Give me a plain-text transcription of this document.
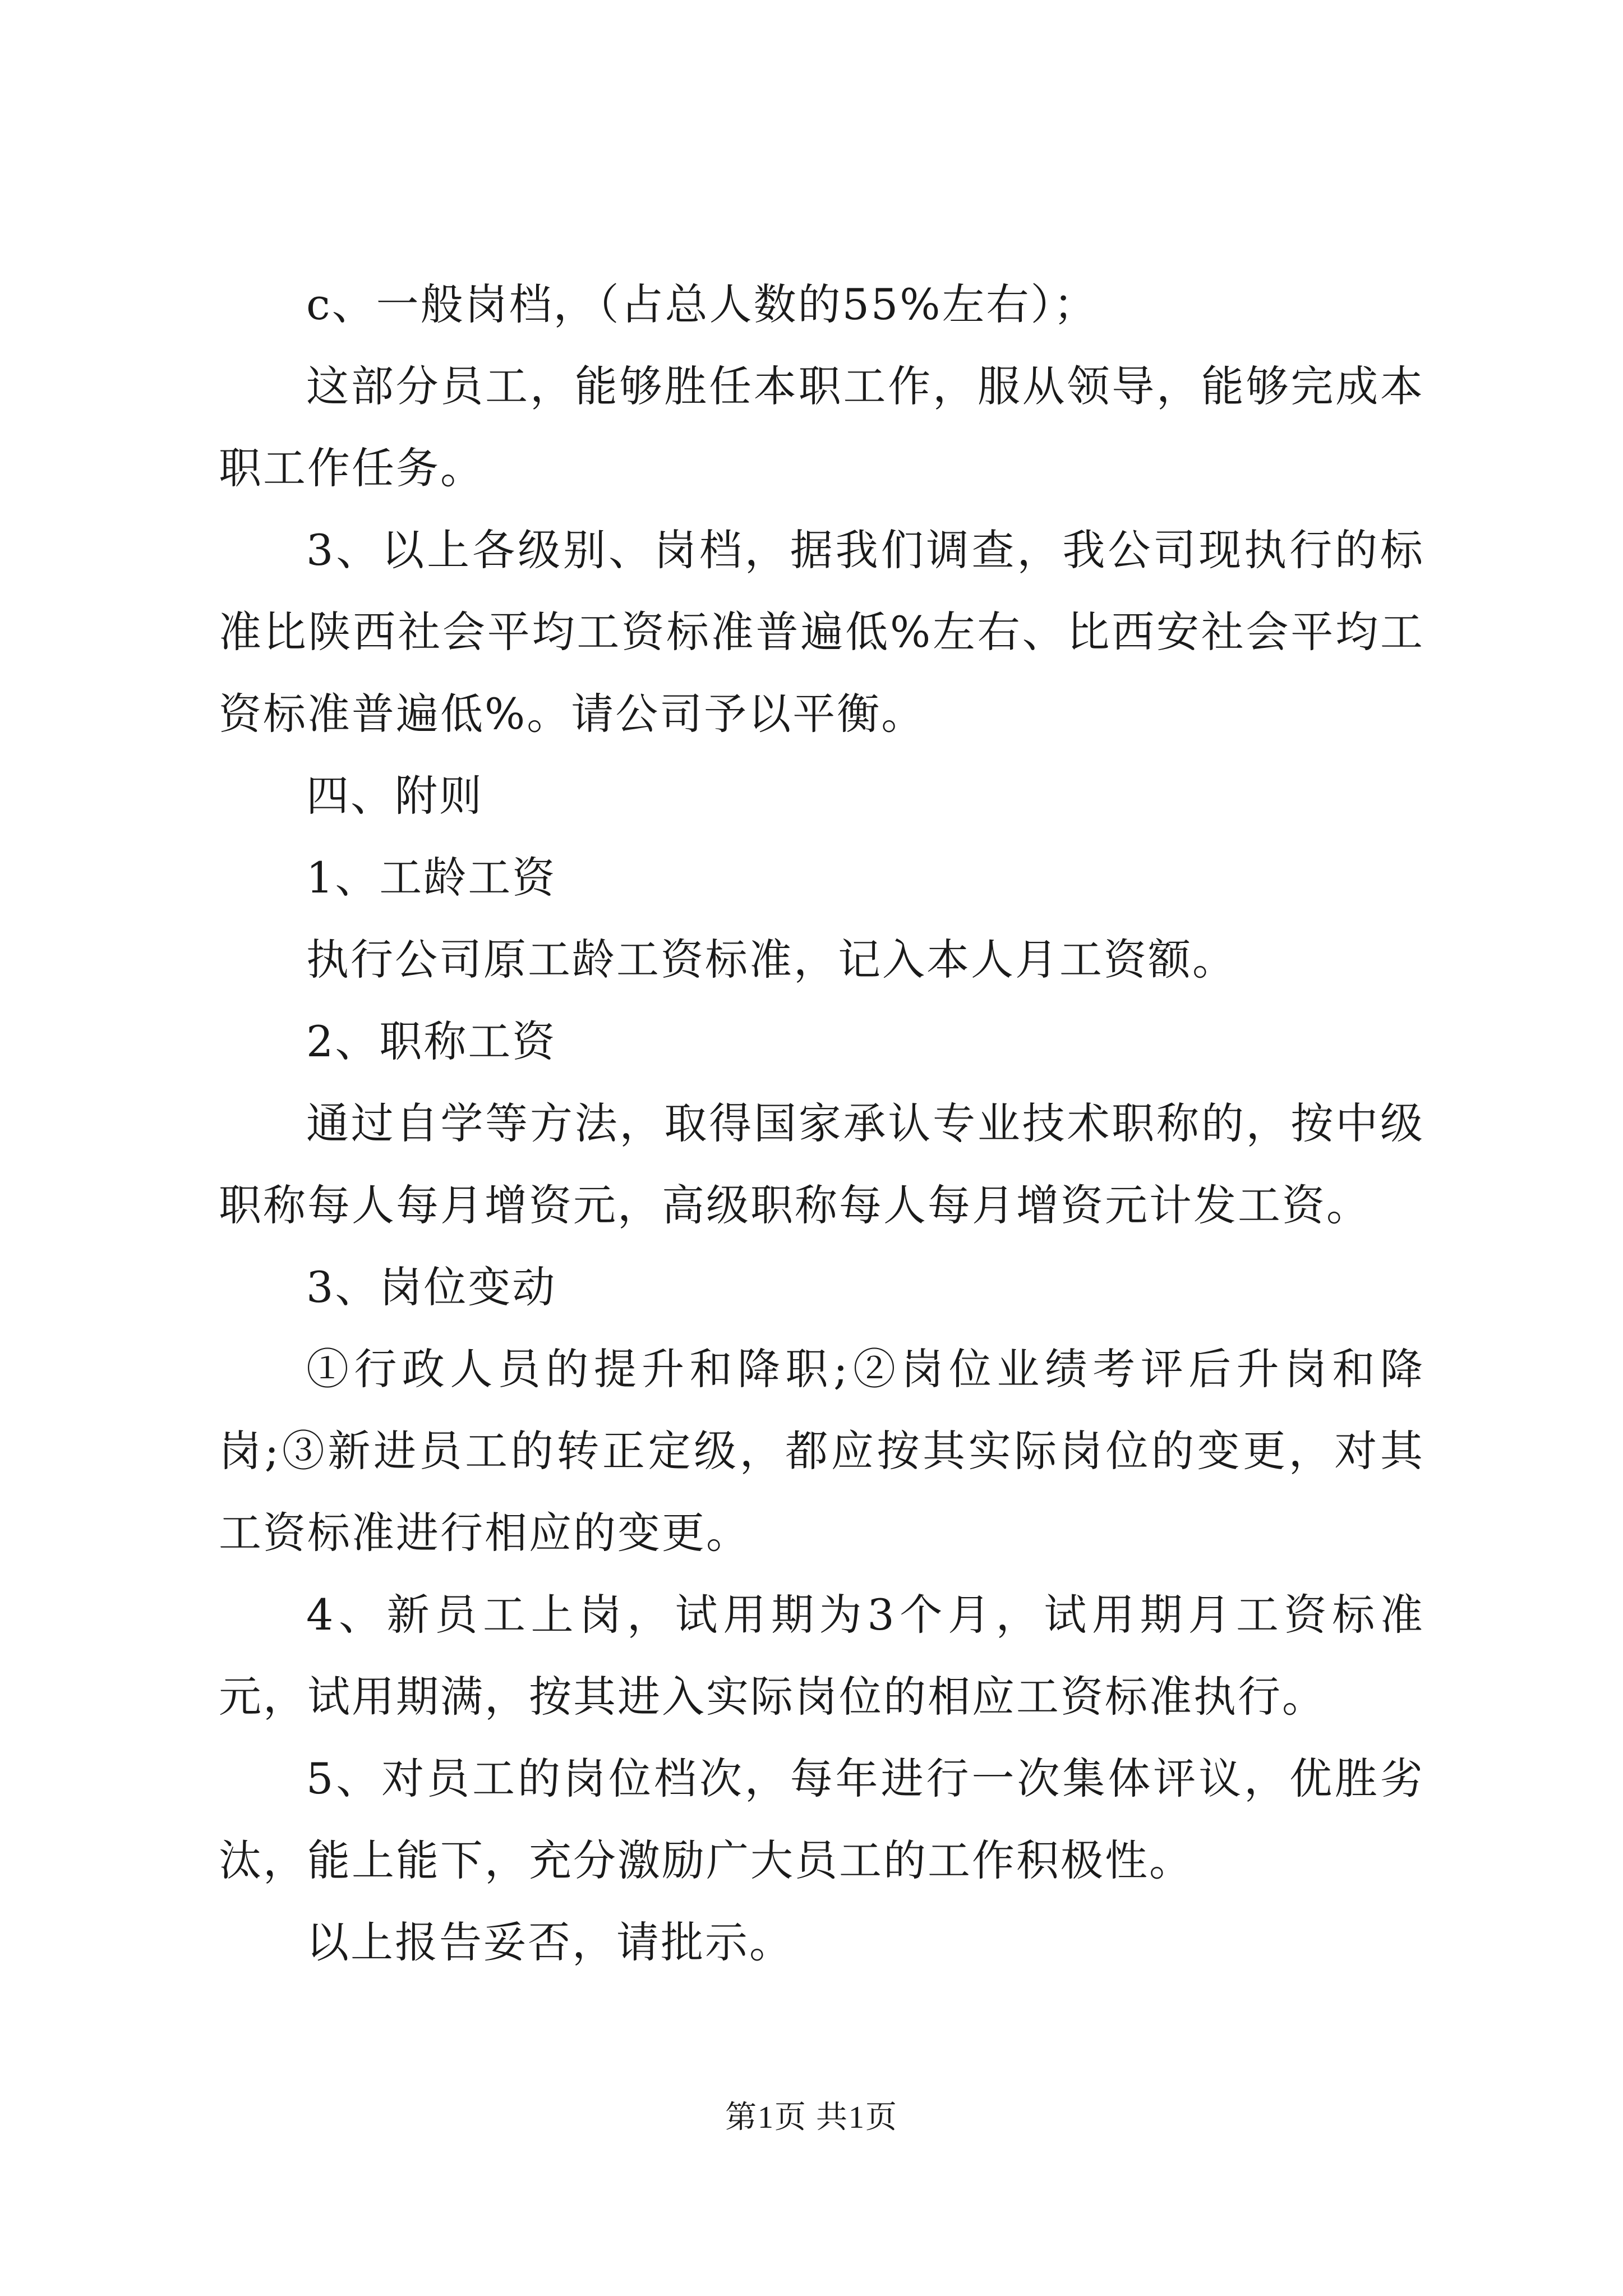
c、一般岗档，（占总人数的55%左右）；

这部分员工，能够胜任本职工作，服从领导，能够完成本职工作任务。

3、以上各级别、岗档，据我们调查，我公司现执行的标准比陕西社会平均工资标准普遍低%左右、比西安社会平均工资标准普遍低%。请公司予以平衡。

四、附则

1、工龄工资

执行公司原工龄工资标准，记入本人月工资额。

2、职称工资

通过自学等方法，取得国家承认专业技术职称的，按中级职称每人每月增资元，高级职称每人每月增资元计发工资。

3、岗位变动

①行政人员的提升和降职;②岗位业绩考评后升岗和降岗;③新进员工的转正定级，都应按其实际岗位的变更，对其工资标准进行相应的变更。

4、新员工上岗，试用期为3个月，试用期月工资标准元，试用期满，按其进入实际岗位的相应工资标准执行。

5、对员工的岗位档次，每年进行一次集体评议，优胜劣汰，能上能下，充分激励广大员工的工作积极性。

以上报告妥否，请批示。

第1页 共1页
